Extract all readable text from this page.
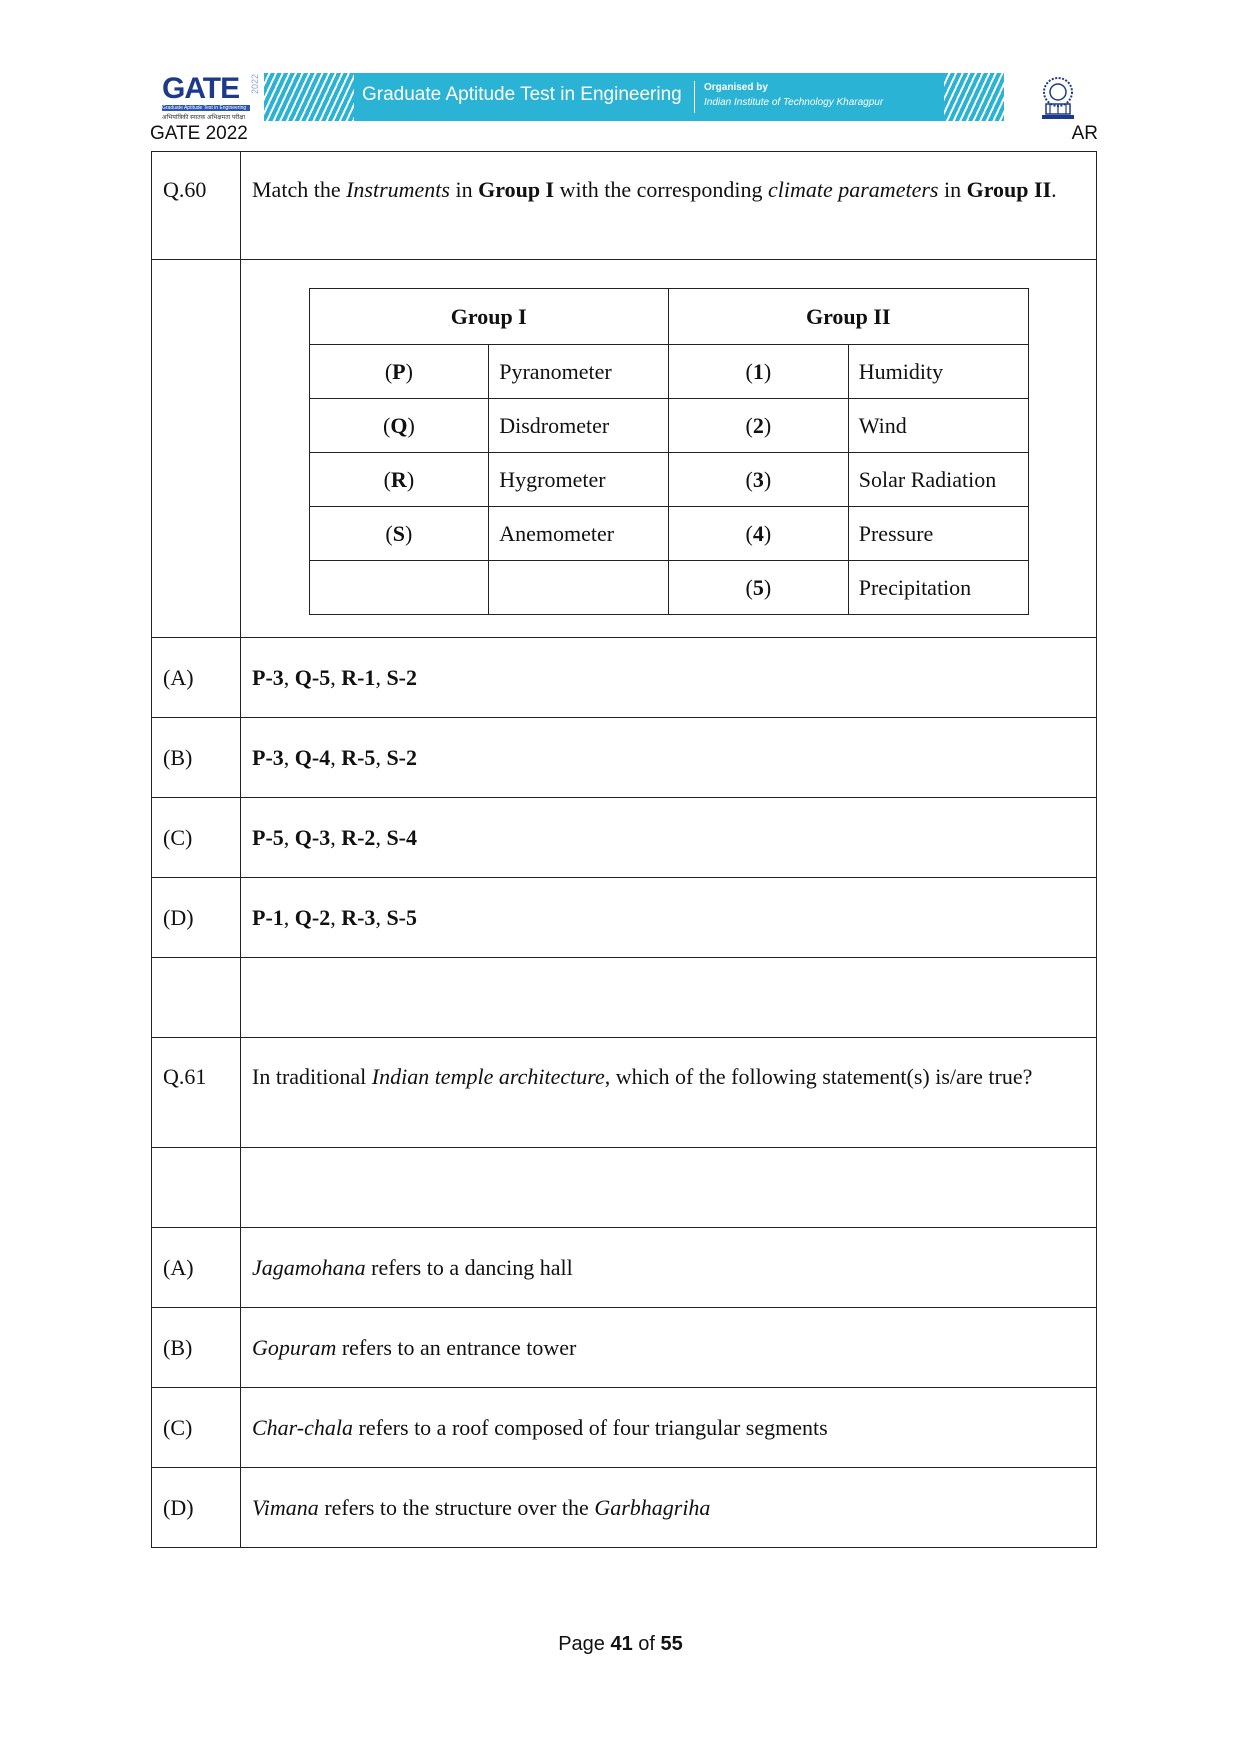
GATE 2022
Graduate Aptitude Test in Engineering
अभियांत्रिकी स्नातक अभिक्षमता परीक्षा
Graduate Aptitude Test in Engineering Organised by
Indian Institute of Technology Kharagpur
GATE 2022	AR
Q.60	Match the Instruments in Group I with the corresponding climate parameters in Group II.

Group I	Group II
(P)	Pyranometer	(1)	Humidity
(Q)	Disdrometer	(2)	Wind
(R)	Hygrometer	(3)	Solar Radiation
(S)	Anemometer	(4)	Pressure
		(5)	Precipitation

(A)	P-3, Q-5, R-1, S-2
(B)	P-3, Q-4, R-5, S-2
(C)	P-5, Q-3, R-2, S-4
(D)	P-1, Q-2, R-3, S-5

Q.61	In traditional Indian temple architecture, which of the following statement(s) is/are true?

(A)	Jagamohana refers to a dancing hall
(B)	Gopuram refers to an entrance tower
(C)	Char-chala refers to a roof composed of four triangular segments
(D)	Vimana refers to the structure over the Garbhagriha
Page 41 of 55
